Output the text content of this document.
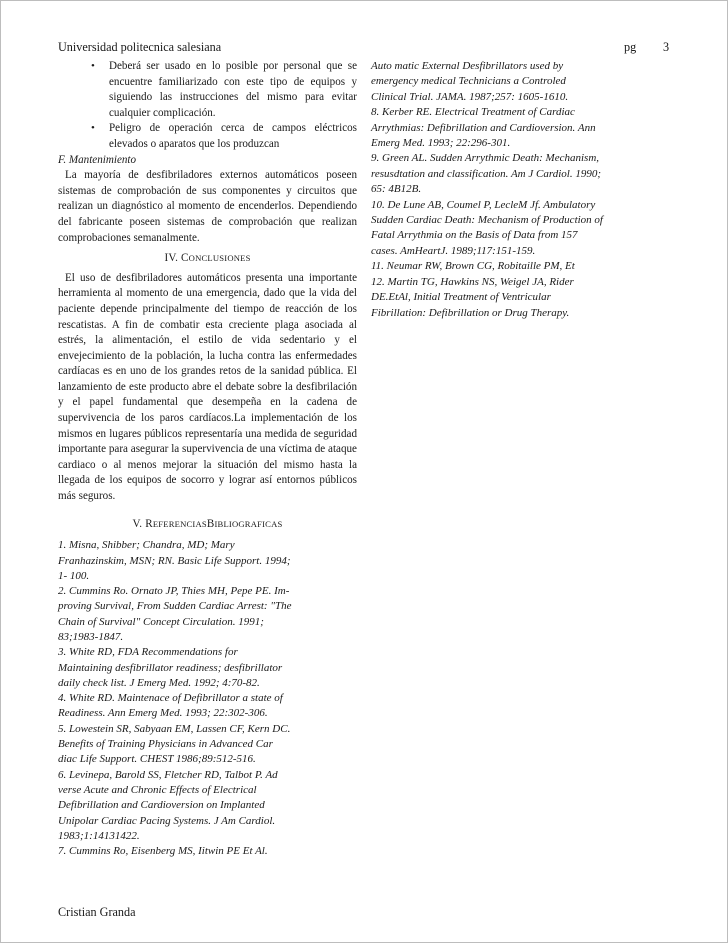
Universidad politecnica salesiana	pg 3
• Deberá ser usado en lo posible por personal que se encuentre familiarizado con este tipo de equipos y siguiendo las instrucciones del mismo para evitar cualquier complicación.
• Peligro de operación cerca de campos eléctricos elevados o aparatos que los produzcan
F. Mantenimiento

La mayoría de desfibriladores externos automáticos poseen sistemas de comprobación de sus componentes y circuitos que realizan un diagnóstico al momento de encenderlos. Dependiendo del fabricante poseen sistemas de comprobación que realizan comprobaciones semanalmente.

IV. CONCLUSIONES

El uso de desfibriladores automáticos presenta una importante herramienta al momento de una emergencia, dado que la vida del paciente depende principalmente del tiempo de reacción de los rescatistas. A fin de combatir esta creciente plaga asociada al estrés, la alimentación, el estilo de vida sedentario y el envejecimiento de la población, la lucha contra las enfermedades cardíacas es en uno de los grandes retos de la sanidad pública. El lanzamiento de este producto abre el debate sobre la desfibrilación y el papel fundamental que desempeña en la cadena de supervivencia de los paros cardíacos.La implementación de los mismos en lugares públicos representaría una medida de seguridad importante para asegurar la supervivencia de una víctima de ataque cardiaco o al menos mejorar la situación del mismo hasta la llegada de los equipos de socorro y lograr así entornos públicos más seguros.

V. REFERENCIASBIBLIOGRAFICAS
1. Misna, Shibber; Chandra, MD; Mary Franhazinskim, MSN; RN. Basic Life Support. 1994; 1- 100.
2. Cummins Ro. Ornato JP, Thies MH, Pepe PE. Im- proving Survival, From Sudden Cardiac Arrest: "The Chain of Survival" Concept Circulation. 1991; 83;1983-1847.
3. White RD, FDA Recommendations for Maintaining desfibrillator readiness; desfibrillator daily check list. J Emerg Med. 1992; 4:70-82.
4. White RD. Maintenace of Defibrillator a state of Readiness. Ann Emerg Med. 1993; 22:302-306.
5. Lowestein SR, Sabyaan EM, Lassen CF, Kern DC. Benefits of Training Physicians in Advanced Car diac Life Support. CHEST 1986;89:512-516.
6. Levinepa, Barold SS, Fletcher RD, Talbot P. Ad verse Acute and Chronic Effects of Electrical Defibrillation and Cardioversion on Implanted Unipolar Cardiac Pacing Systems. J Am Cardiol. 1983;1:14131422.
7. Cummins Ro, Eisenberg MS, Iitwin PE Et Al.
Auto matic External Desfibrillators used by emergency medical Technicians a Controled Clinical Trial. JAMA. 1987;257: 1605-1610.
8. Kerber RE. Electrical Treatment of Cardiac Arrythmias: Defibrillation and Cardioversion. Ann Emerg Med. 1993; 22:296-301.
9. Green AL. Sudden Arrythmic Death: Mechanism, resusdtation and classification. Am J Cardiol. 1990; 65: 4B12B.
10. De Lune AB, Coumel P, LecleM Jf. Ambulatory Sudden Cardiac Death: Mechanism of Production of Fatal Arrythmia on the Basis of Data from 157 cases. AmHeartJ. 1989;117:151-159.
11. Neumar RW, Brown CG, Robitaille PM, Et
12. Martin TG, Hawkins NS, Weigel JA, Rider DE.EtAl, Initial Treatment of Ventricular Fibrillation: Defibrillation or Drug Therapy.
Cristian Granda
